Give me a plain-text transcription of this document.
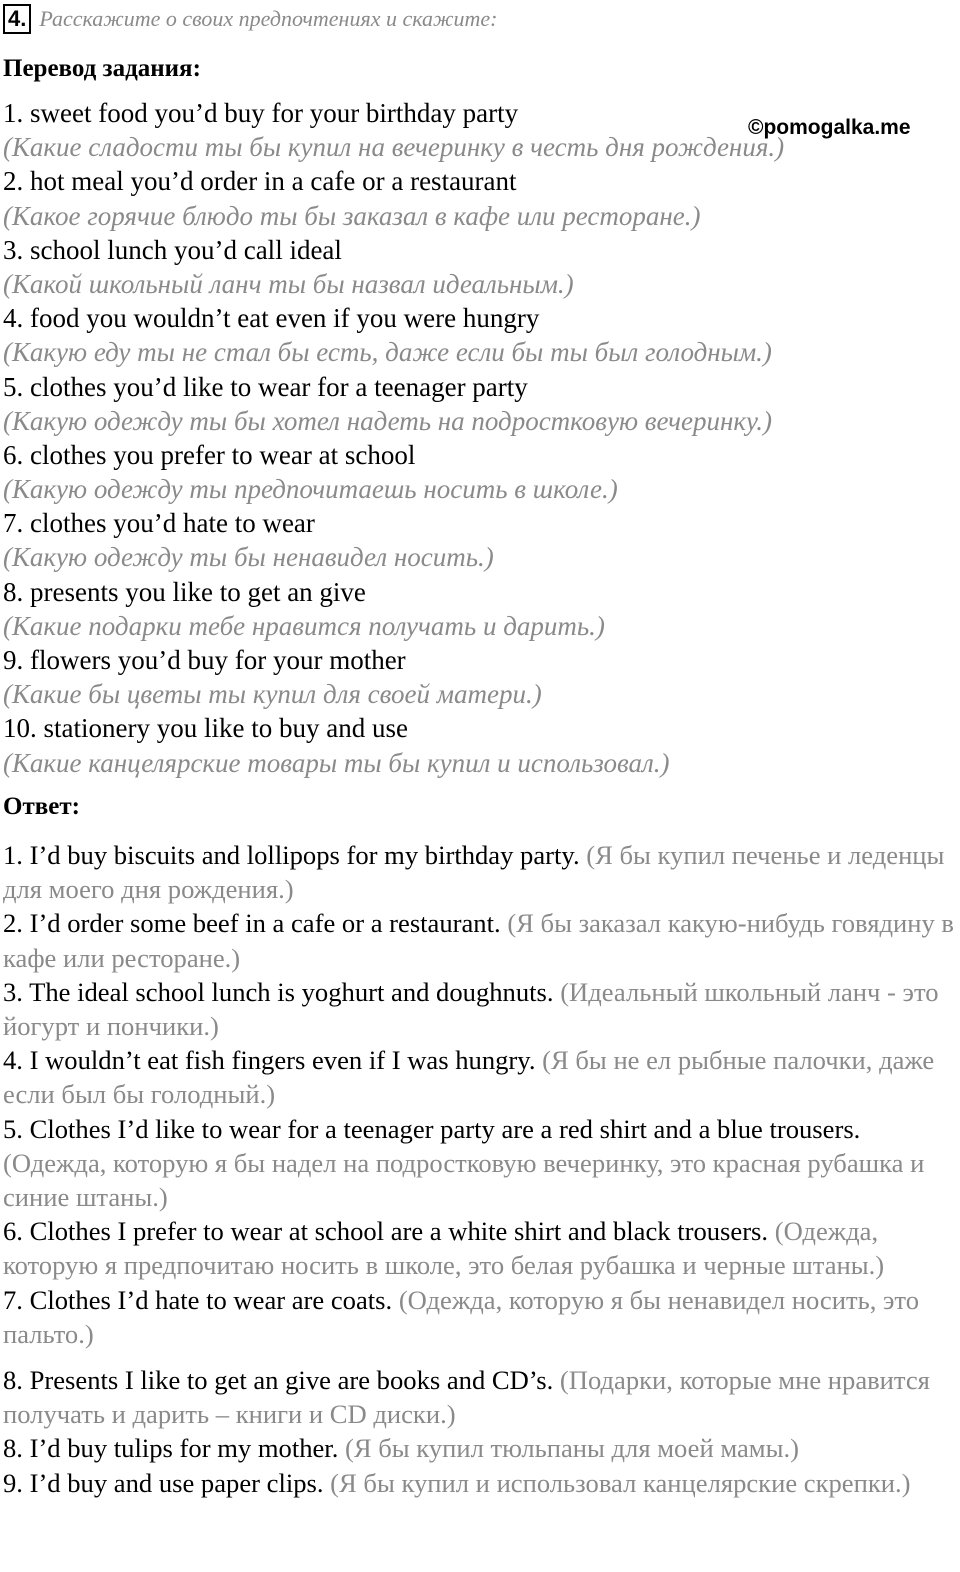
4. Расскажите о своих предпочтениях и скажите:
Перевод задания:
©pomogalka.me
1. sweet food you’d buy for your birthday party
(Какие сладости ты бы купил на вечеринку в честь дня рождения.)
2. hot meal you’d order in a cafe or a restaurant
(Какое горячие блюдо ты бы заказал в кафе или ресторане.)
3. school lunch you’d call ideal
(Какой школьный ланч ты бы назвал идеальным.)
4. food you wouldn’t eat even if you were hungry
(Какую еду ты не стал бы есть, даже если бы ты был голодным.)
5. clothes you’d like to wear for a teenager party
(Какую одежду ты бы хотел надеть на подростковую вечеринку.)
6. clothes you prefer to wear at school
(Какую одежду ты предпочитаешь носить в школе.)
7. clothes you’d hate to wear
(Какую одежду ты бы ненавидел носить.)
8. presents you like to get an give
(Какие подарки тебе нравится получать и дарить.)
9. flowers you’d buy for your mother
(Какие бы цветы ты купил для своей матери.)
10. stationery you like to buy and use
(Какие канцелярские товары ты бы купил и использовал.)
Ответ:
1. I’d buy biscuits and lollipops for my birthday party. (Я бы купил печенье и леденцы для моего дня рождения.)
2. I’d order some beef in a cafe or a restaurant. (Я бы заказал какую-нибудь говядину в кафе или ресторане.)
3. The ideal school lunch is yoghurt and doughnuts. (Идеальный школьный ланч - это йогурт и пончики.)
4. I wouldn’t eat fish fingers even if I was hungry. (Я бы не ел рыбные палочки, даже если был бы голодный.)
5. Clothes I’d like to wear for a teenager party are a red shirt and a blue trousers. (Одежда, которую я бы надел на подростковую вечеринку, это красная рубашка и синие штаны.)
6. Clothes I prefer to wear at school are a white shirt and black trousers. (Одежда, которую я предпочитаю носить в школе, это белая рубашка и черные штаны.)
7. Clothes I’d hate to wear are coats. (Одежда, которую я бы ненавидел носить, это пальто.)
8. Presents I like to get an give are books and CD’s. (Подарки, которые мне нравится получать и дарить – книги и CD диски.)
8. I’d buy tulips for my mother. (Я бы купил тюльпаны для моей мамы.)
9. I’d buy and use paper clips. (Я бы купил и использовал канцелярские скрепки.)
